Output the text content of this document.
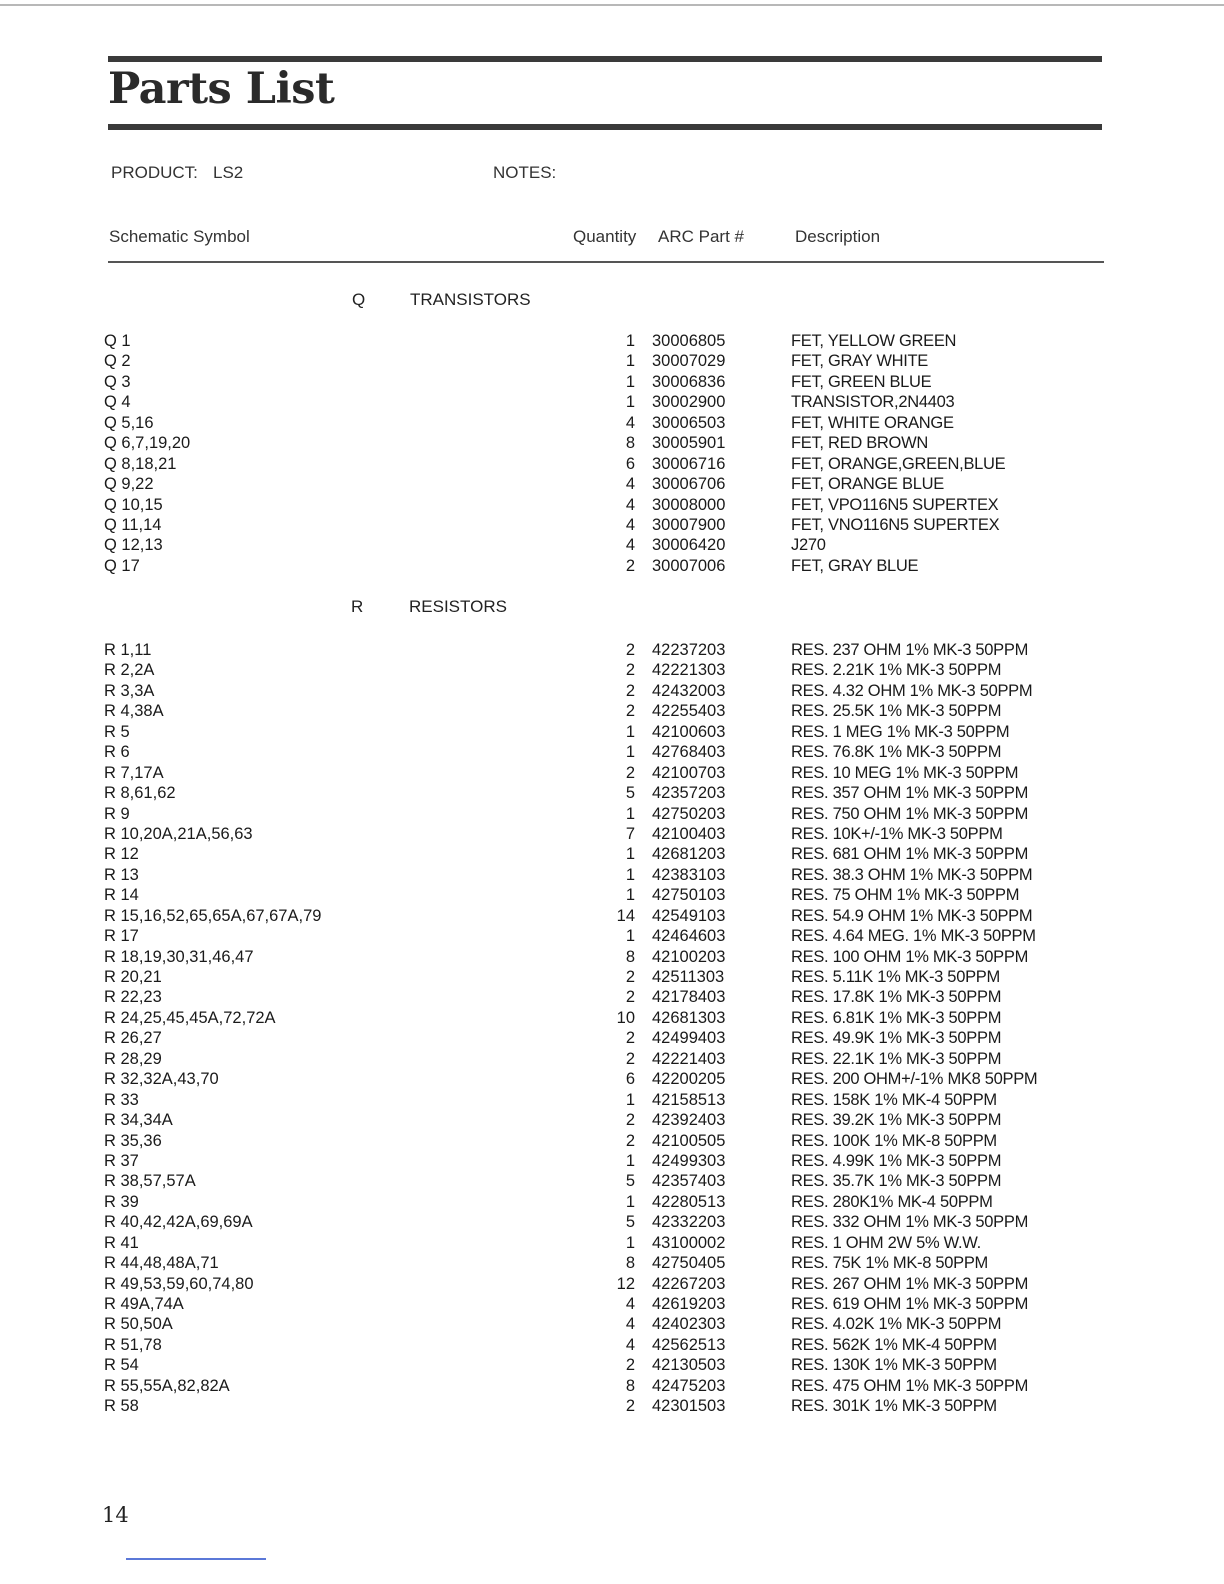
Parts List
PRODUCT: LS2	NOTES:
Schematic Symbol	Quantity ARC Part #	Description
Q	TRANSISTORS
Q 1	1 30006805	FET, YELLOW GREEN
Q 2	1 30007029	FET, GRAY WHITE
Q 3	1 30006836	FET, GREEN BLUE
Q 4	1 30002900	TRANSISTOR,2N4403
Q 5,16	4 30006503	FET, WHITE ORANGE
Q 6,7,19,20	8 30005901	FET, RED BROWN
Q 8,18,21	6 30006716	FET, ORANGE,GREEN,BLUE
Q 9,22	4 30006706	FET, ORANGE BLUE
Q 10,15	4 30008000	FET, VPO116N5 SUPERTEX
Q 11,14	4 30007900	FET, VNO116N5 SUPERTEX
Q 12,13	4 30006420	J270
Q 17	2 30007006	FET, GRAY BLUE
R	RESISTORS
R 1,11	2 42237203	RES. 237 OHM 1% MK-3 50PPM
R 2,2A	2 42221303	RES. 2.21K 1% MK-3 50PPM
R 3,3A	2 42432003	RES. 4.32 OHM 1% MK-3 50PPM
R 4,38A	2 42255403	RES. 25.5K 1% MK-3 50PPM
R 5	1 42100603	RES. 1 MEG 1% MK-3 50PPM
R 6	1 42768403	RES. 76.8K 1% MK-3 50PPM
R 7,17A	2 42100703	RES. 10 MEG 1% MK-3 50PPM
R 8,61,62	5 42357203	RES. 357 OHM 1% MK-3 50PPM
R 9	1 42750203	RES. 750 OHM 1% MK-3 50PPM
R 10,20A,21A,56,63	7 42100403	RES. 10K+/-1% MK-3 50PPM
R 12	1 42681203	RES. 681 OHM 1% MK-3 50PPM
R 13	1 42383103	RES. 38.3 OHM 1% MK-3 50PPM
R 14	1 42750103	RES. 75 OHM 1% MK-3 50PPM
R 15,16,52,65,65A,67,67A,79	14 42549103	RES. 54.9 OHM 1% MK-3 50PPM
R 17	1 42464603	RES. 4.64 MEG. 1% MK-3 50PPM
R 18,19,30,31,46,47	8 42100203	RES. 100 OHM 1% MK-3 50PPM
R 20,21	2 42511303	RES. 5.11K 1% MK-3 50PPM
R 22,23	2 42178403	RES. 17.8K 1% MK-3 50PPM
R 24,25,45,45A,72,72A	10 42681303	RES. 6.81K 1% MK-3 50PPM
R 26,27	2 42499403	RES. 49.9K 1% MK-3 50PPM
R 28,29	2 42221403	RES. 22.1K 1% MK-3 50PPM
R 32,32A,43,70	6 42200205	RES. 200 OHM+/-1% MK8 50PPM
R 33	1 42158513	RES. 158K 1% MK-4 50PPM
R 34,34A	2 42392403	RES. 39.2K 1% MK-3 50PPM
R 35,36	2 42100505	RES. 100K 1% MK-8 50PPM
R 37	1 42499303	RES. 4.99K 1% MK-3 50PPM
R 38,57,57A	5 42357403	RES. 35.7K 1% MK-3 50PPM
R 39	1 42280513	RES. 280K1% MK-4 50PPM
R 40,42,42A,69,69A	5 42332203	RES. 332 OHM 1% MK-3 50PPM
R 41	1 43100002	RES. 1 OHM 2W 5% W.W.
R 44,48,48A,71	8 42750405	RES. 75K 1% MK-8 50PPM
R 49,53,59,60,74,80	12 42267203	RES. 267 OHM 1% MK-3 50PPM
R 49A,74A	4 42619203	RES. 619 OHM 1% MK-3 50PPM
R 50,50A	4 42402303	RES. 4.02K 1% MK-3 50PPM
R 51,78	4 42562513	RES. 562K 1% MK-4 50PPM
R 54	2 42130503	RES. 130K 1% MK-3 50PPM
R 55,55A,82,82A	8 42475203	RES. 475 OHM 1% MK-3 50PPM
R 58	2 42301503	RES. 301K 1% MK-3 50PPM
14
